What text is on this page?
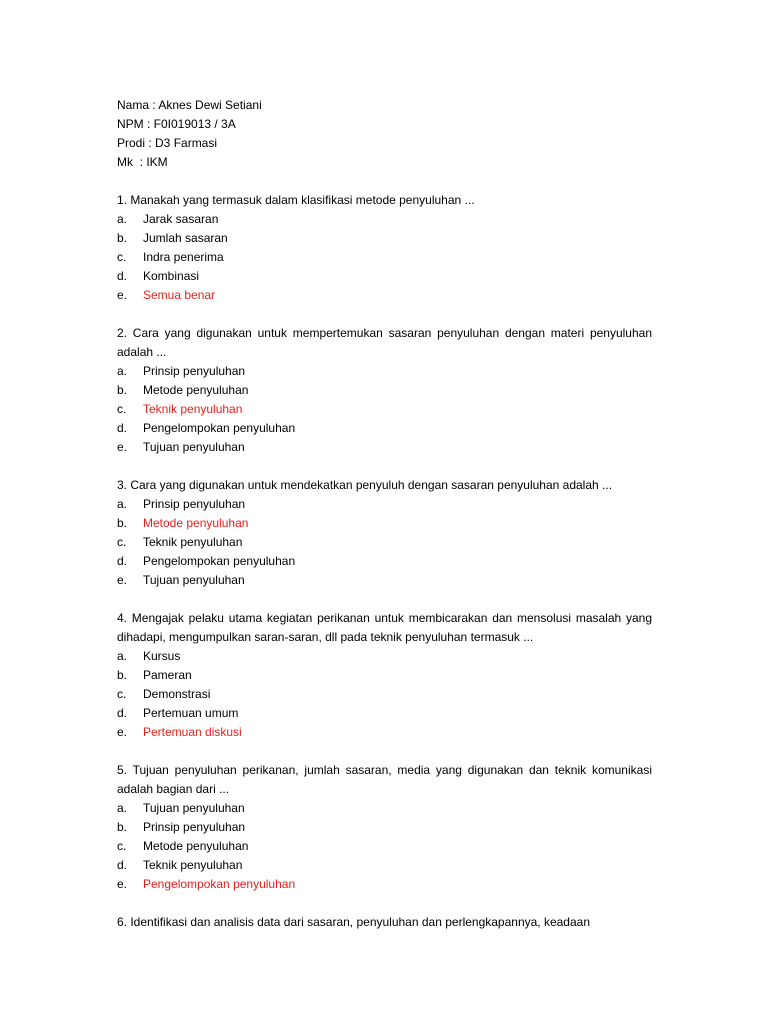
Nama : Aknes Dewi Setiani
NPM : F0I019013 / 3A
Prodi : D3 Farmasi
Mk  : IKM
1. Manakah yang termasuk dalam klasifikasi metode penyuluhan ...
a.	Jarak sasaran
b.	Jumlah sasaran
c.	Indra penerima
d.	Kombinasi
e.	Semua benar
2. Cara yang digunakan untuk mempertemukan sasaran penyuluhan dengan materi penyuluhan adalah ...
a.	Prinsip penyuluhan
b.	Metode penyuluhan
c.	Teknik penyuluhan
d.	Pengelompokan penyuluhan
e.	Tujuan penyuluhan
3. Cara yang digunakan untuk mendekatkan penyuluh dengan sasaran penyuluhan adalah ...
a.	Prinsip penyuluhan
b.	Metode penyuluhan
c.	Teknik penyuluhan
d.	Pengelompokan penyuluhan
e.	Tujuan penyuluhan
4. Mengajak pelaku utama kegiatan perikanan untuk membicarakan dan mensolusi masalah yang dihadapi, mengumpulkan saran-saran, dll pada teknik penyuluhan termasuk ...
a.	Kursus
b.	Pameran
c.	Demonstrasi
d.	Pertemuan umum
e.	Pertemuan diskusi
5. Tujuan penyuluhan perikanan, jumlah sasaran, media yang digunakan dan teknik komunikasi adalah bagian dari ...
a.	Tujuan penyuluhan
b.	Prinsip penyuluhan
c.	Metode penyuluhan
d.	Teknik penyuluhan
e.	Pengelompokan penyuluhan
6. Identifikasi dan analisis data dari sasaran, penyuluhan dan perlengkapannya, keadaan
